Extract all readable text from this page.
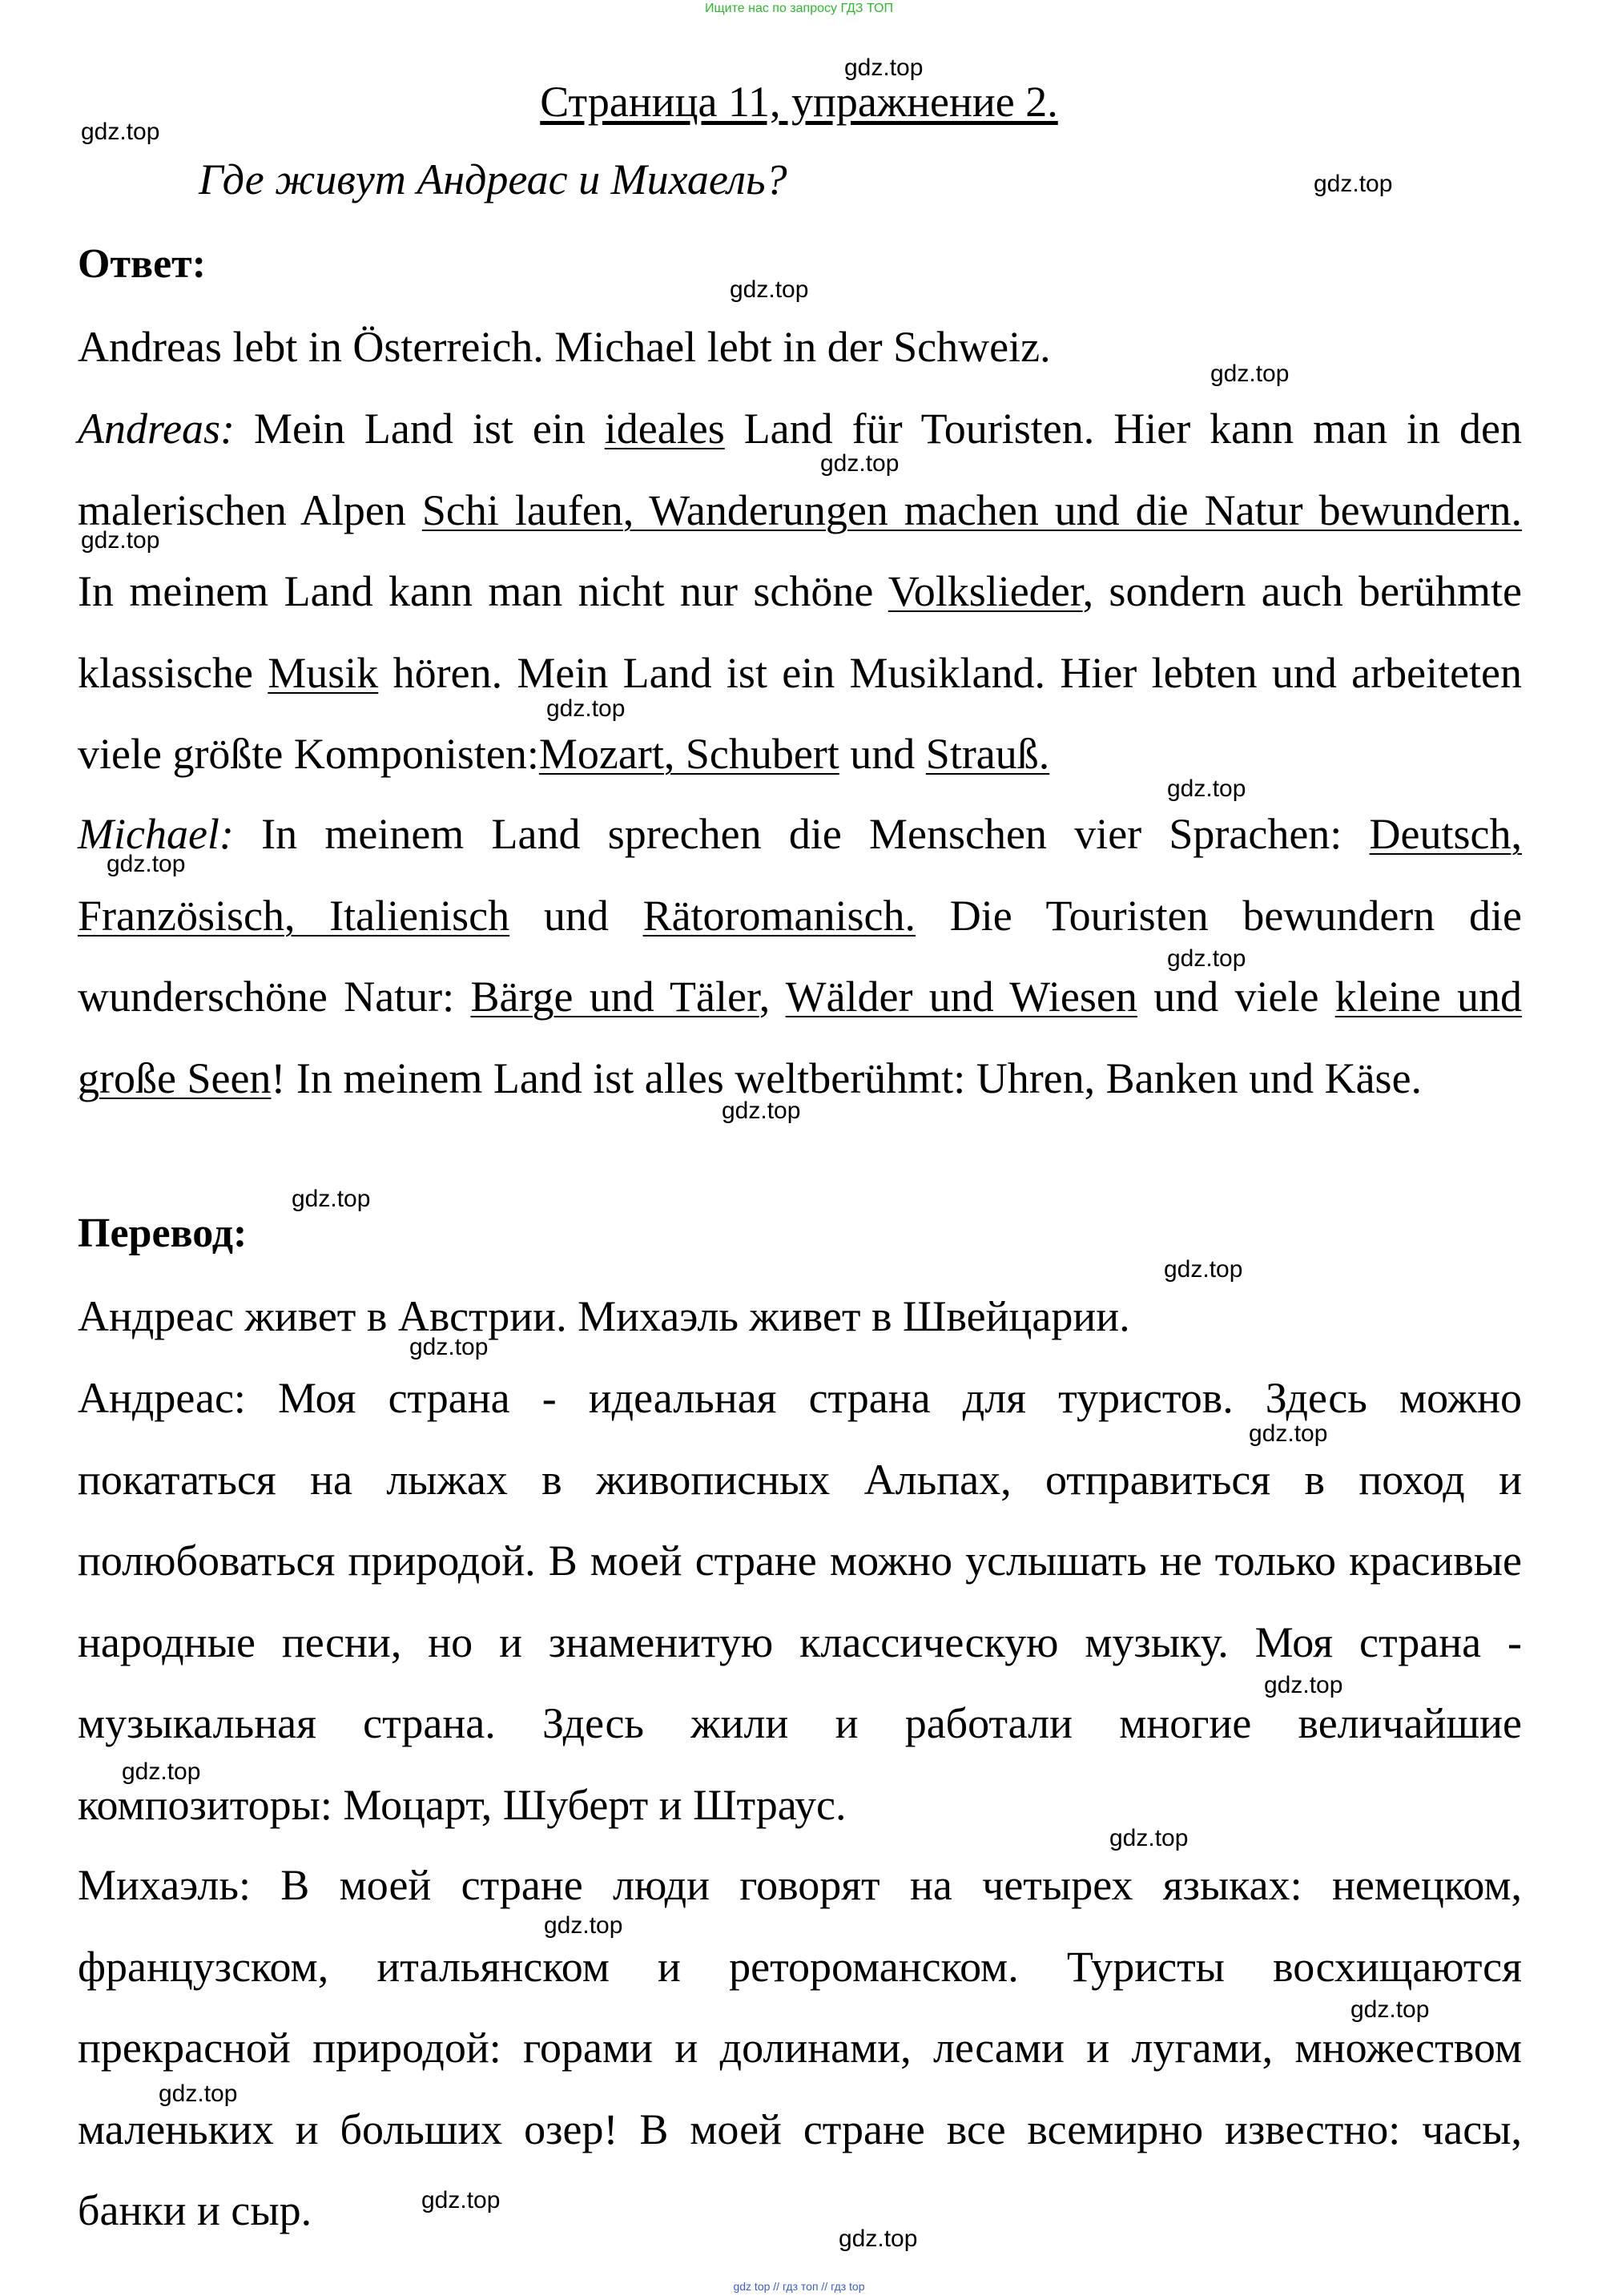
Ищите нас по запросу ГДЗ ТОП
Страница 11, упражнение 2.
Где живут Андреас и Михаель?
Ответ:
Andreas lebt in Österreich. Michael lebt in der Schweiz.
Andreas: Mein Land ist ein ideales Land für Touristen. Hier kann man in den malerischen Alpen Schi laufen, Wanderungen machen und die Natur bewundern. In meinem Land kann man nicht nur schöne Volkslieder, sondern auch berühmte klassische Musik hören. Mein Land ist ein Musikland. Hier lebten und arbeiteten viele größte Komponisten:Mozart, Schubert und Strauß.
Michael: In meinem Land sprechen die Menschen vier Sprachen: Deutsch, Französisch, Italienisch und Rätoromanisch. Die Touristen bewundern die wunderschöne Natur: Bärge und Täler, Wälder und Wiesen und viele kleine und große Seen! In meinem Land ist alles weltberühmt: Uhren, Banken und Käse.
Перевод:
Андреас живет в Австрии. Михаэль живет в Швейцарии.
Андреас: Моя страна - идеальная страна для туристов. Здесь можно покататься на лыжах в живописных Альпах, отправиться в поход и полюбоваться природой. В моей стране можно услышать не только красивые народные песни, но и знаменитую классическую музыку. Моя страна - музыкальная страна. Здесь жили и работали многие величайшие композиторы: Моцарт, Шуберт и Штраус.
Михаэль: В моей стране люди говорят на четырех языках: немецком, французском, итальянском и ретороманском. Туристы восхищаются прекрасной природой: горами и долинами, лесами и лугами, множеством маленьких и больших озер! В моей стране все всемирно известно: часы, банки и сыр.
gdz.top
gdz.top
gdz.top
gdz.top
gdz.top
gdz.top
gdz.top
gdz.top
gdz.top
gdz.top
gdz.top
gdz.top
gdz.top
gdz.top
gdz.top
gdz.top
gdz.top
gdz.top
gdz.top
gdz.top
gdz.top
gdz.top
gdz.top
gdz.top
gdz top // гдз топ // гдз top
